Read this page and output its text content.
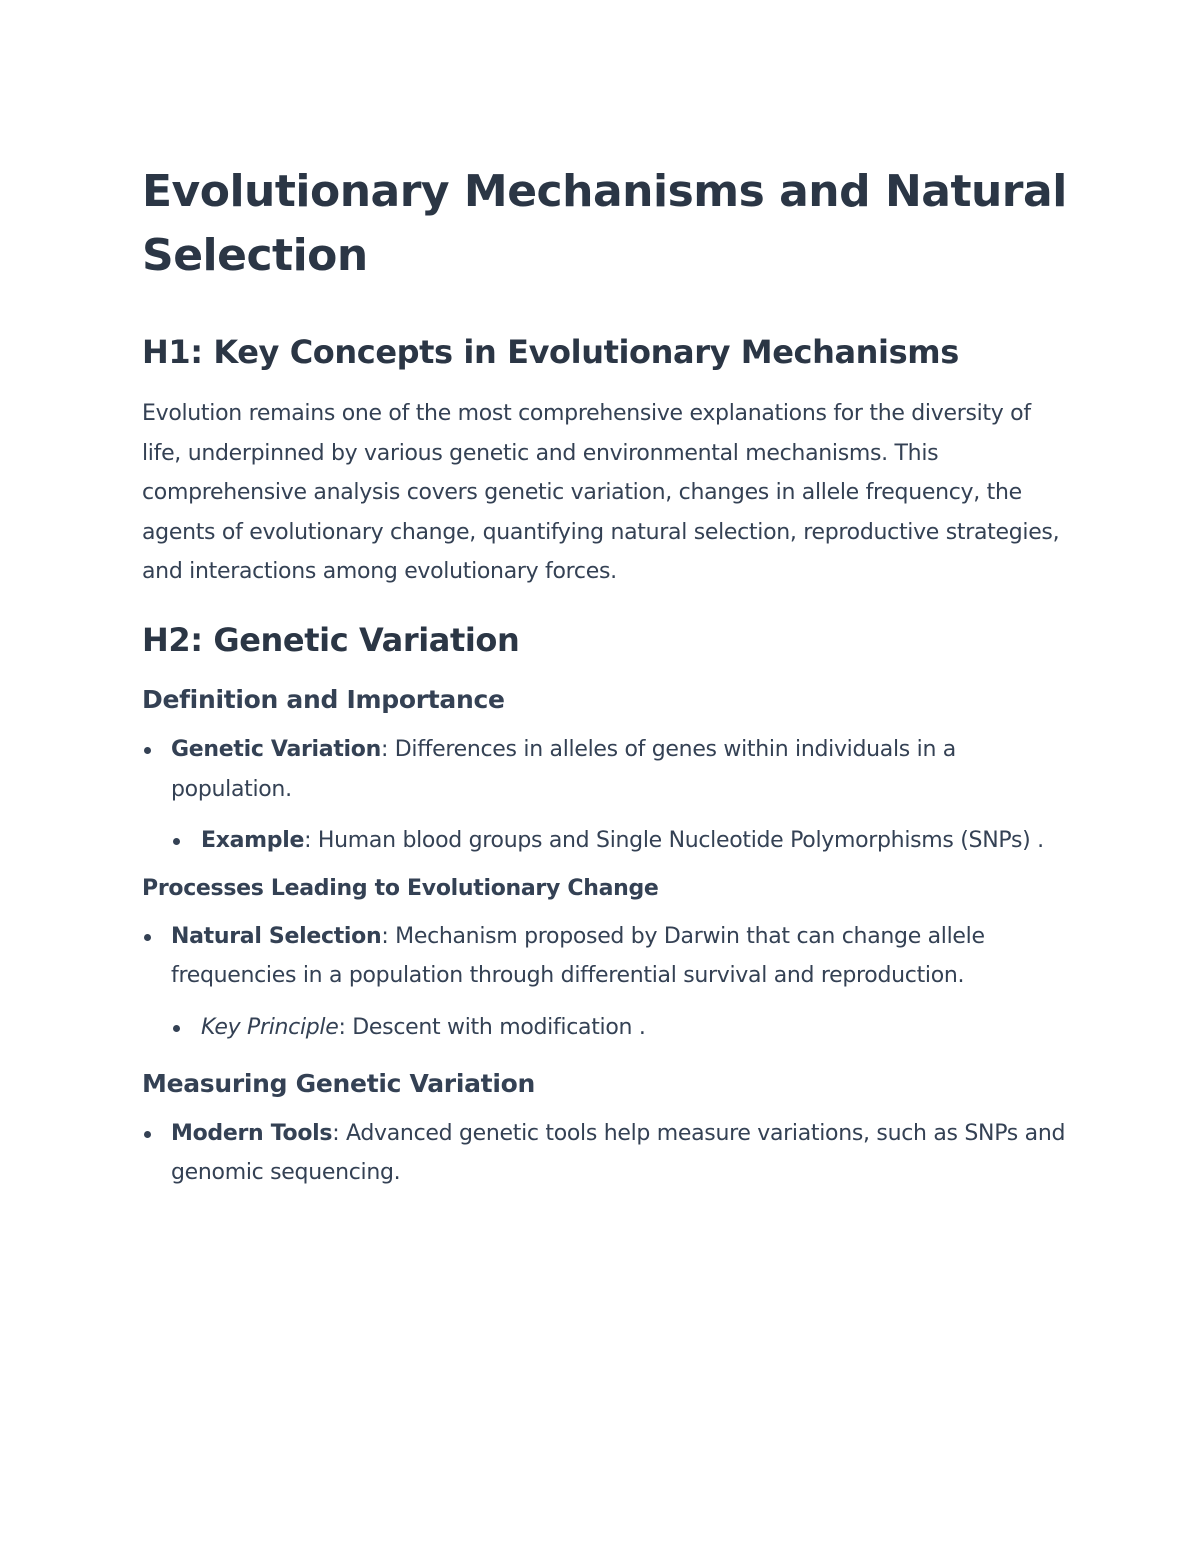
Evolutionary Mechanisms and Natural Selection
H1: Key Concepts in Evolutionary Mechanisms

Evolution remains one of the most comprehensive explanations for the diversity of life, underpinned by various genetic and environmental mechanisms. This comprehensive analysis covers genetic variation, changes in allele frequency, the agents of evolutionary change, quantifying natural selection, reproductive strategies, and interactions among evolutionary forces.

H2: Genetic Variation
Definition and Importance
Genetic Variation: Differences in alleles of genes within individuals in a population.
Example: Human blood groups and Single Nucleotide Polymorphisms (SNPs) .
Processes Leading to Evolutionary Change
Natural Selection: Mechanism proposed by Darwin that can change allele frequencies in a population through differential survival and reproduction.
Key Principle: Descent with modification .
Measuring Genetic Variation
Modern Tools: Advanced genetic tools help measure variations, such as SNPs and genomic sequencing.
